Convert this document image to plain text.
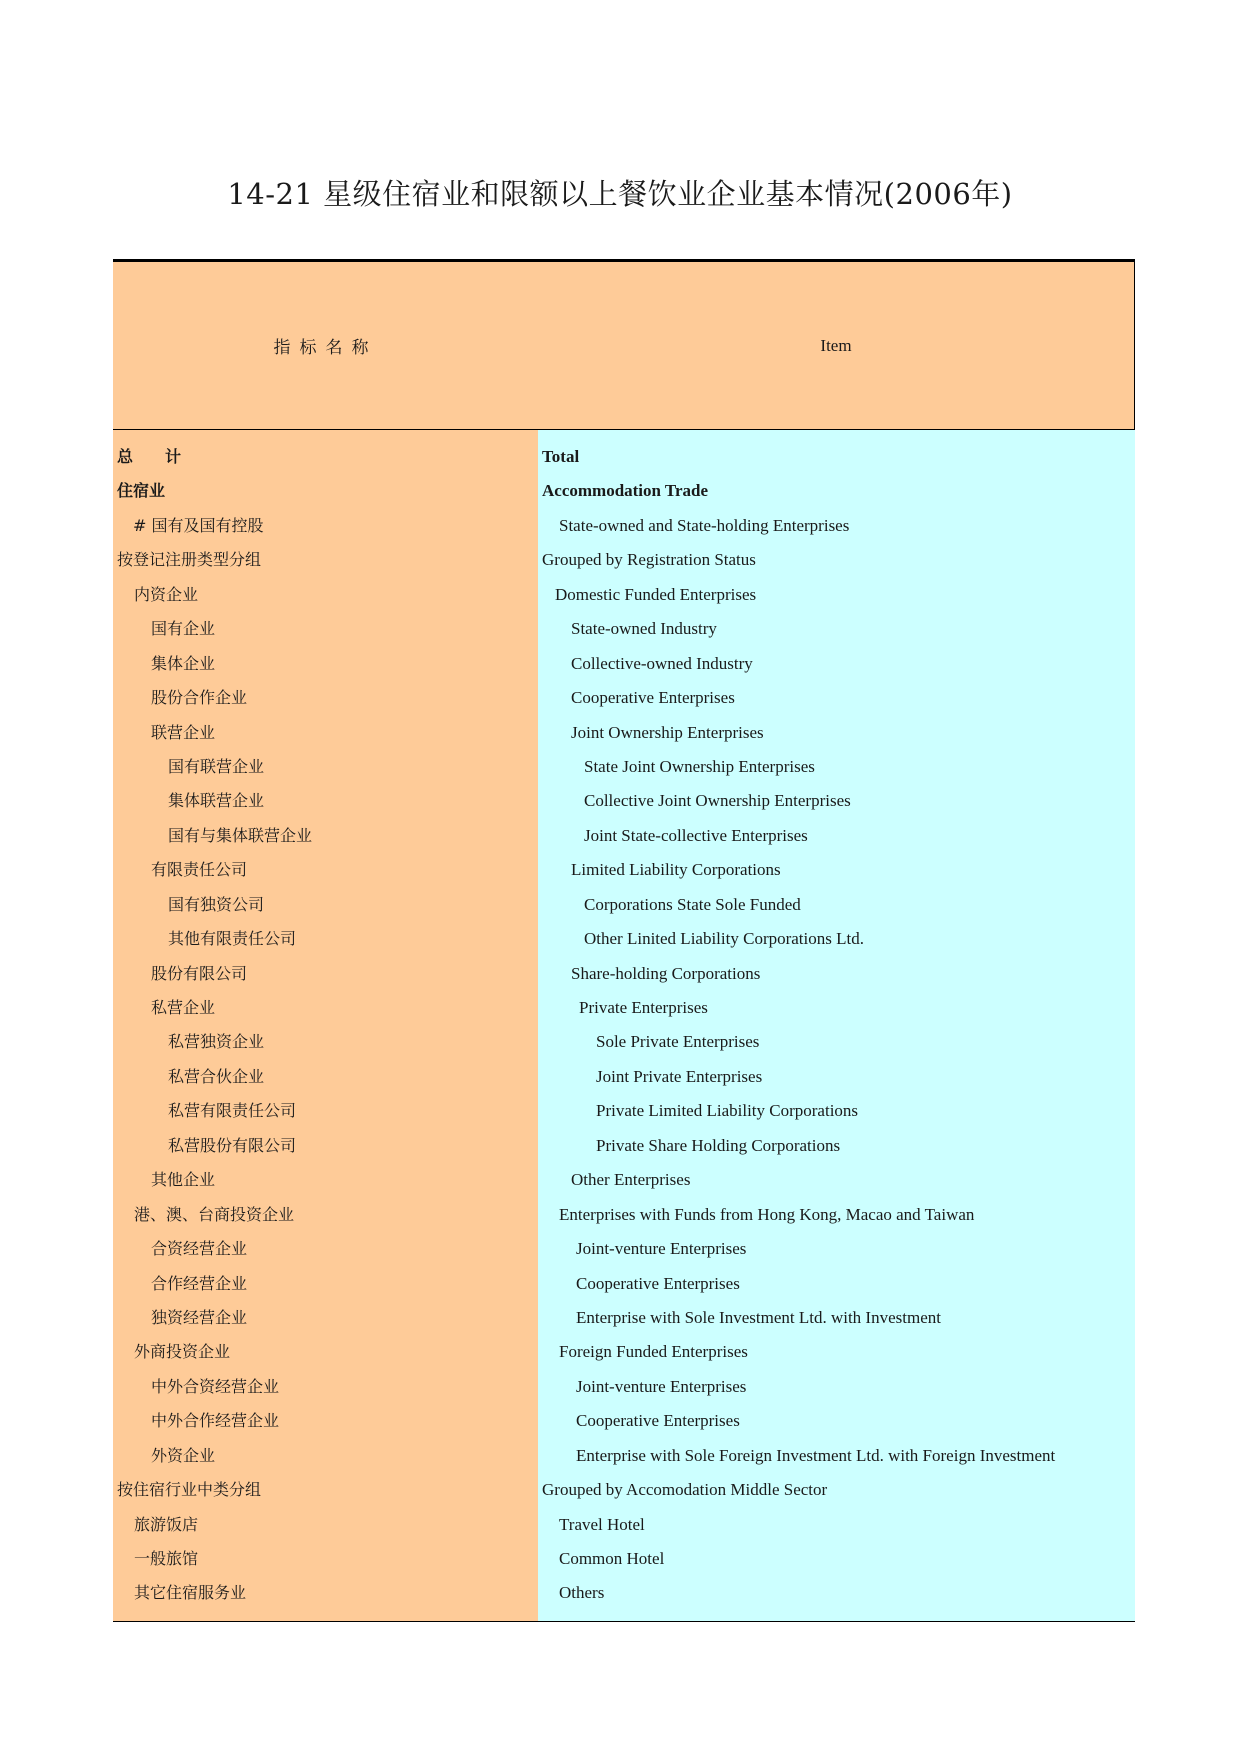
14-21 星级住宿业和限额以上餐饮业企业基本情况(2006年)
指标名称	Item
总　　计
住宿业
# 国有及国有控股
按登记注册类型分组
内资企业
国有企业
集体企业
股份合作企业
联营企业
国有联营企业
集体联营企业
国有与集体联营企业
有限责任公司
国有独资公司
其他有限责任公司
股份有限公司
私营企业
私营独资企业
私营合伙企业
私营有限责任公司
私营股份有限公司
其他企业
港、澳、台商投资企业
合资经营企业
合作经营企业
独资经营企业
外商投资企业
中外合资经营企业
中外合作经营企业
外资企业
按住宿行业中类分组
旅游饭店
一般旅馆
其它住宿服务业
Total
Accommodation Trade
State-owned and State-holding Enterprises
Grouped by Registration Status
Domestic Funded Enterprises
State-owned Industry
Collective-owned Industry
Cooperative Enterprises
Joint Ownership Enterprises
State Joint Ownership Enterprises
Collective Joint Ownership Enterprises
Joint State-collective Enterprises
Limited Liability Corporations
Corporations State Sole Funded
Other Linited Liability Corporations Ltd.
Share-holding Corporations
Private Enterprises
Sole Private Enterprises
Joint Private Enterprises
Private Limited Liability Corporations
Private Share Holding Corporations
Other Enterprises
Enterprises with Funds from Hong Kong, Macao and Taiwan
Joint-venture Enterprises
Cooperative Enterprises
Enterprise with Sole Investment Ltd. with Investment
Foreign Funded Enterprises
Joint-venture Enterprises
Cooperative Enterprises
Enterprise with Sole Foreign Investment Ltd. with Foreign Investment
Grouped by Accomodation Middle Sector
Travel Hotel
Common Hotel
Others
